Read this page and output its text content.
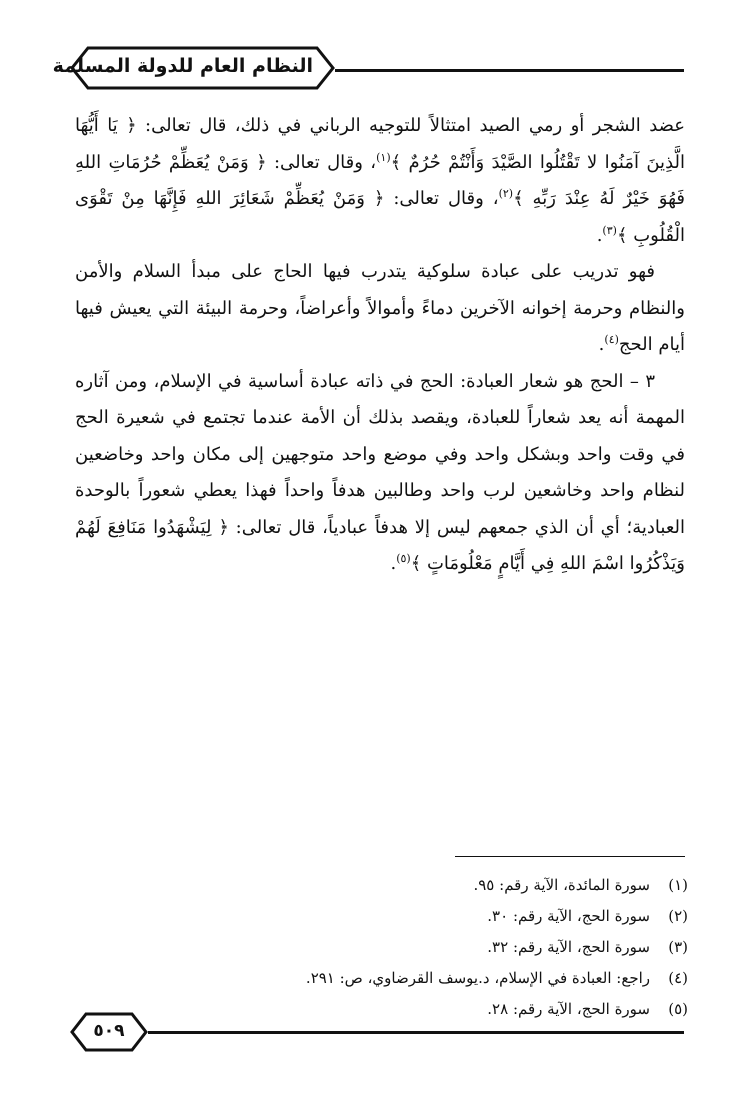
النظام العام للدولة المسلمة

عضد الشجر أو رمي الصيد امتثالاً للتوجيه الرباني في ذلك، قال تعالى: ﴿ يَا أَيُّهَا الَّذِينَ آمَنُوا لا تَقْتُلُوا الصَّيْدَ وَأَنْتُمْ حُرُمٌ ﴾$^{(١)}$، وقال تعالى: ﴿ وَمَنْ يُعَظِّمْ حُرُمَاتِ اللهِ فَهُوَ خَيْرٌ لَهُ عِنْدَ رَبِّهِ ﴾$^{(٢)}$، وقال تعالى: ﴿ وَمَنْ يُعَظِّمْ شَعَائِرَ اللهِ فَإِنَّهَا مِنْ تَقْوَى الْقُلُوبِ ﴾$^{(٣)}$.

فهو تدريب على عبادة سلوكية يتدرب فيها الحاج على مبدأ السلام والأمن والنظام وحرمة إخوانه الآخرين دماءً وأموالاً وأعراضاً، وحرمة البيئة التي يعيش فيها أيام الحج$^{(٤)}$.

٣ – الحج هو شعار العبادة: الحج في ذاته عبادة أساسية في الإسلام، ومن آثاره المهمة أنه يعد شعاراً للعبادة، ويقصد بذلك أن الأمة عندما تجتمع في شعيرة الحج في وقت واحد وبشكل واحد وفي موضع واحد متوجهين إلى مكان واحد وخاضعين لنظام واحد وخاشعين لرب واحد وطالبين هدفاً واحداً فهذا يعطي شعوراً بالوحدة العبادية؛ أي أن الذي جمعهم ليس إلا هدفاً عبادياً، قال تعالى: ﴿ لِيَشْهَدُوا مَنَافِعَ لَهُمْ وَيَذْكُرُوا اسْمَ اللهِ فِي أَيَّامٍ مَعْلُومَاتٍ ﴾$^{(٥)}$.

(١)سورة المائدة، الآية رقم: ٩٥.
(٢)سورة الحج، الآية رقم: ٣٠.
(٣)سورة الحج، الآية رقم: ٣٢.
(٤)راجع: العبادة في الإسلام، د.يوسف القرضاوي، ص: ٢٩١.
(٥)سورة الحج، الآية رقم: ٢٨.
٥٠٩
